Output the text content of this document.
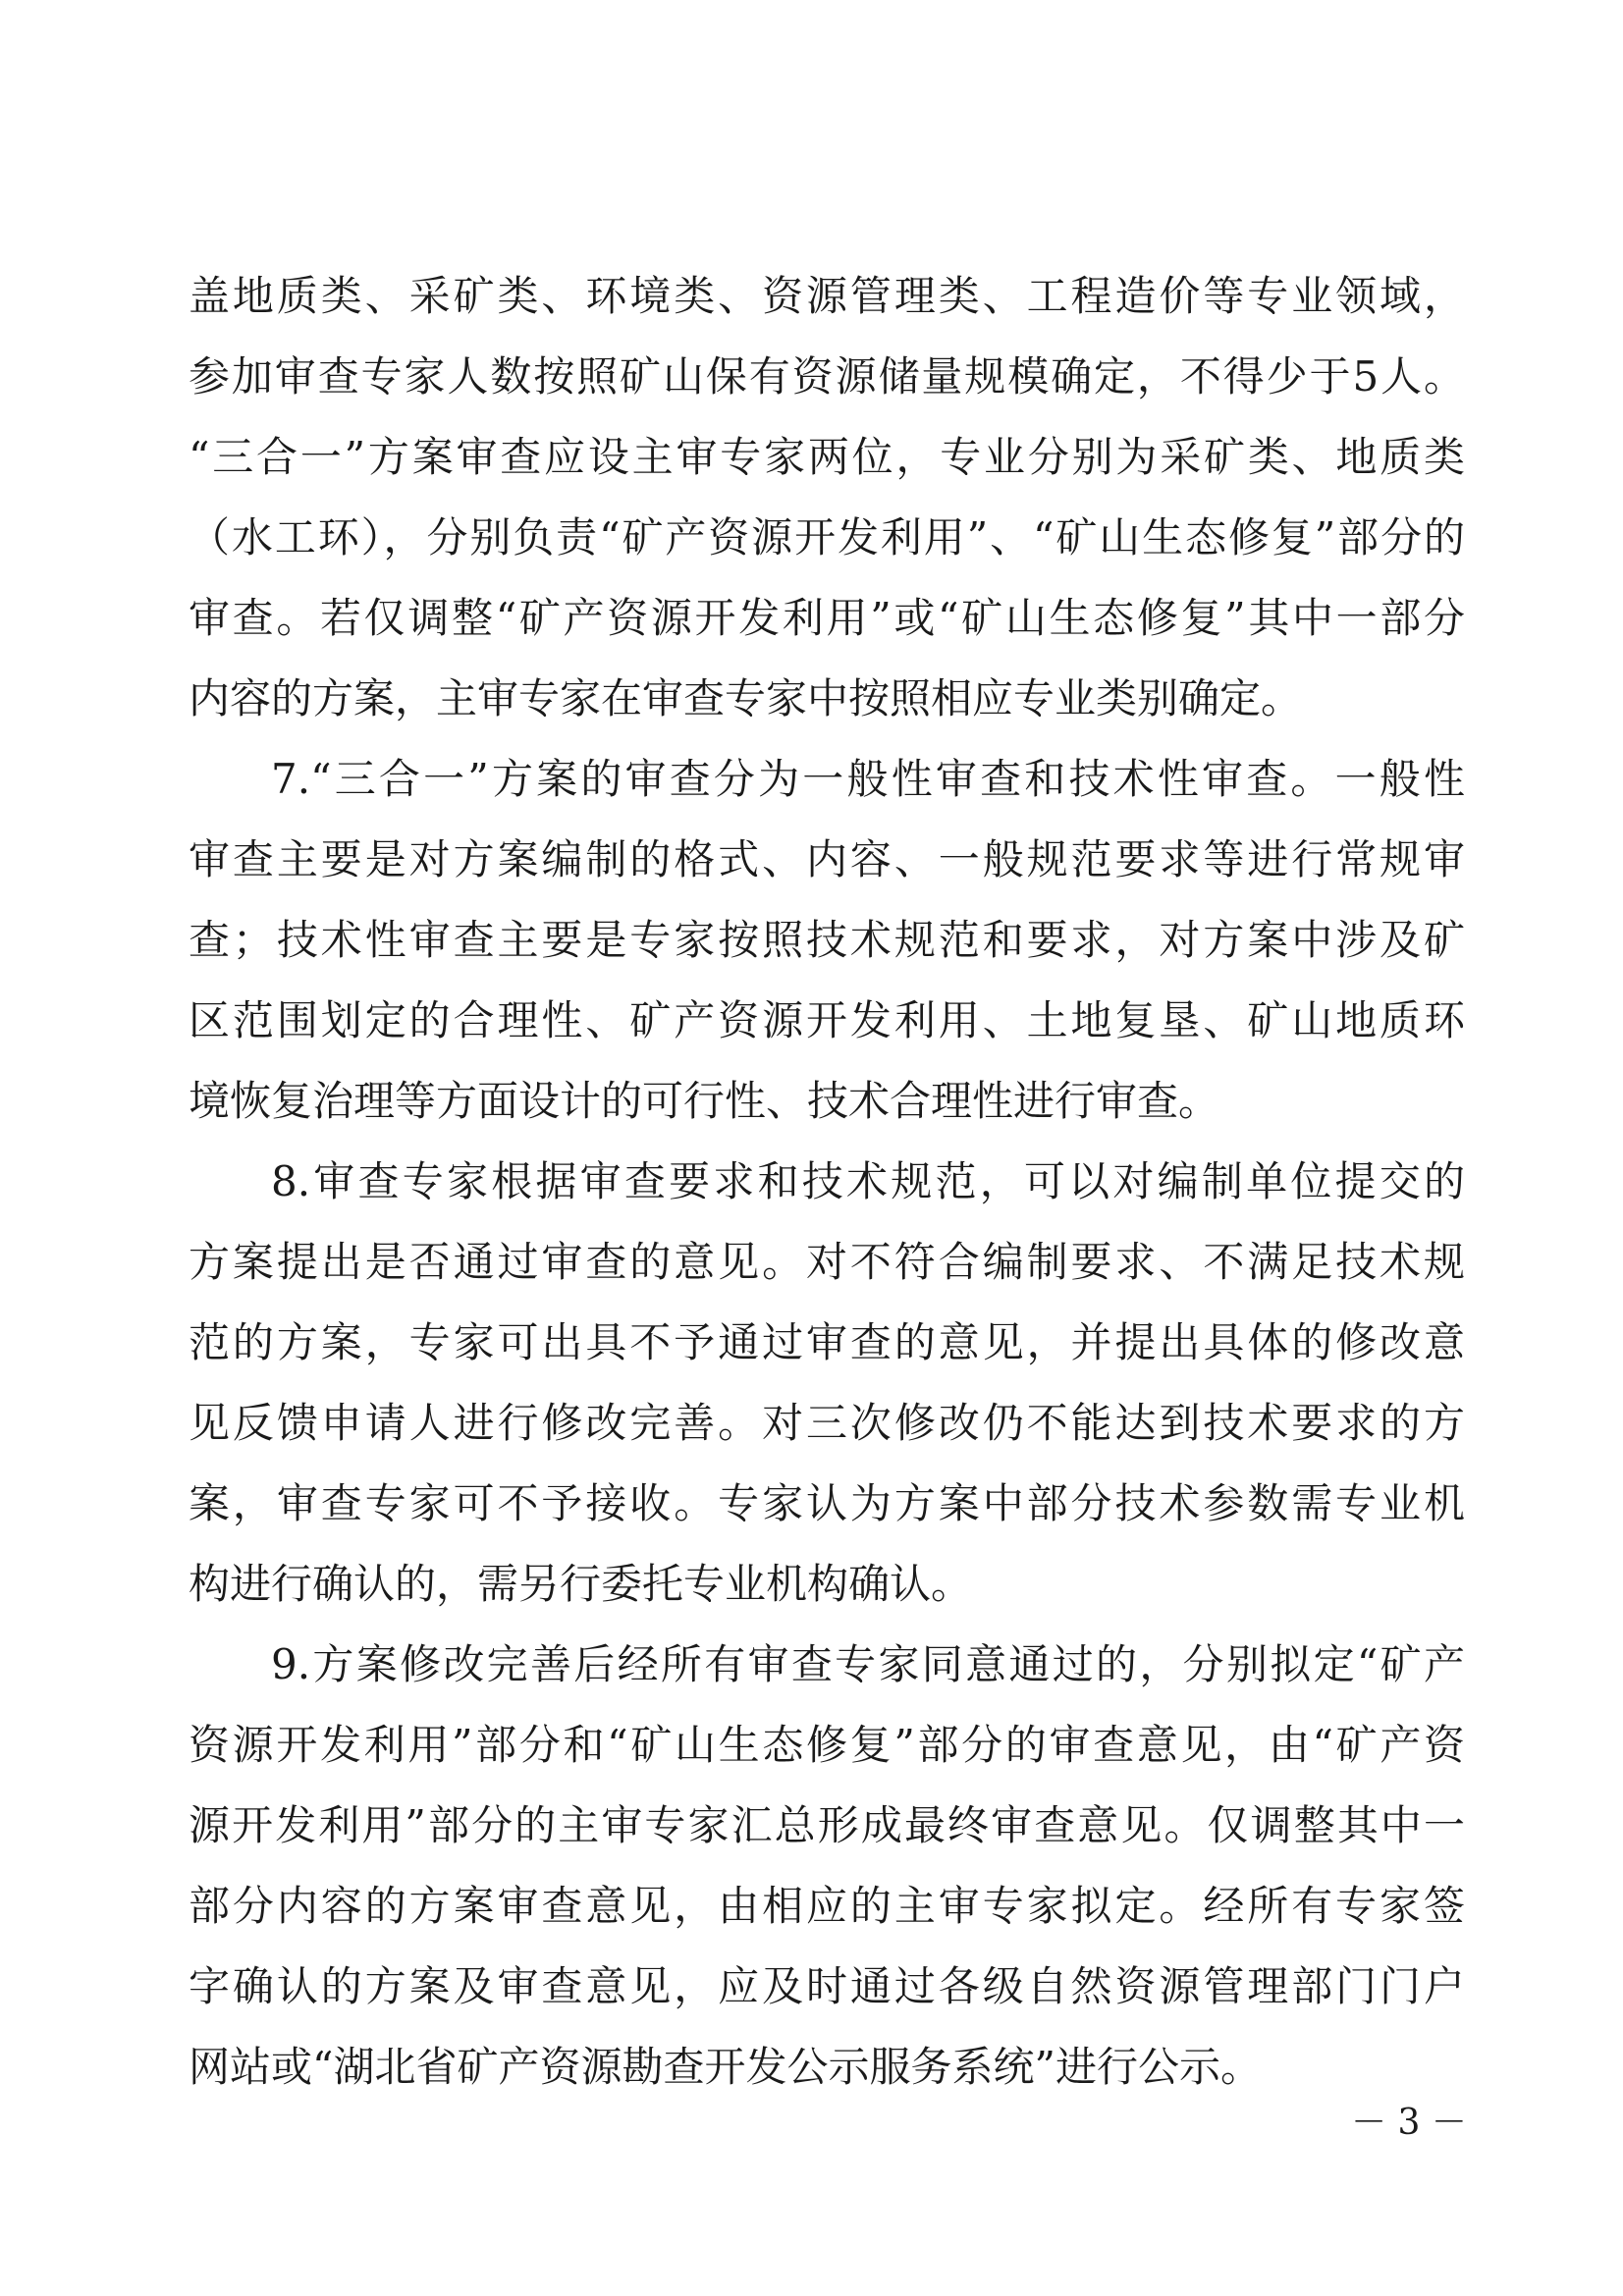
盖地质类、采矿类、环境类、资源管理类、工程造价等专业领域，
参加审查专家人数按照矿山保有资源储量规模确定，不得少于5人。
“三合一”方案审查应设主审专家两位，专业分别为采矿类、地质类
（水工环），分别负责“矿产资源开发利用”、“矿山生态修复”部分的
审查。若仅调整“矿产资源开发利用”或“矿山生态修复”其中一部分
内容的方案，主审专家在审查专家中按照相应专业类别确定。
7.“三合一”方案的审查分为一般性审查和技术性审查。一般性
审查主要是对方案编制的格式、内容、一般规范要求等进行常规审
查；技术性审查主要是专家按照技术规范和要求，对方案中涉及矿
区范围划定的合理性、矿产资源开发利用、土地复垦、矿山地质环
境恢复治理等方面设计的可行性、技术合理性进行审查。
8.审查专家根据审查要求和技术规范，可以对编制单位提交的
方案提出是否通过审查的意见。对不符合编制要求、不满足技术规
范的方案，专家可出具不予通过审查的意见，并提出具体的修改意
见反馈申请人进行修改完善。对三次修改仍不能达到技术要求的方
案，审查专家可不予接收。专家认为方案中部分技术参数需专业机
构进行确认的，需另行委托专业机构确认。
9.方案修改完善后经所有审查专家同意通过的，分别拟定“矿产
资源开发利用”部分和“矿山生态修复”部分的审查意见，由“矿产资
源开发利用”部分的主审专家汇总形成最终审查意见。仅调整其中一
部分内容的方案审查意见，由相应的主审专家拟定。经所有专家签
字确认的方案及审查意见，应及时通过各级自然资源管理部门门户
网站或“湖北省矿产资源勘查开发公示服务系统”进行公示。
－ 3 －
